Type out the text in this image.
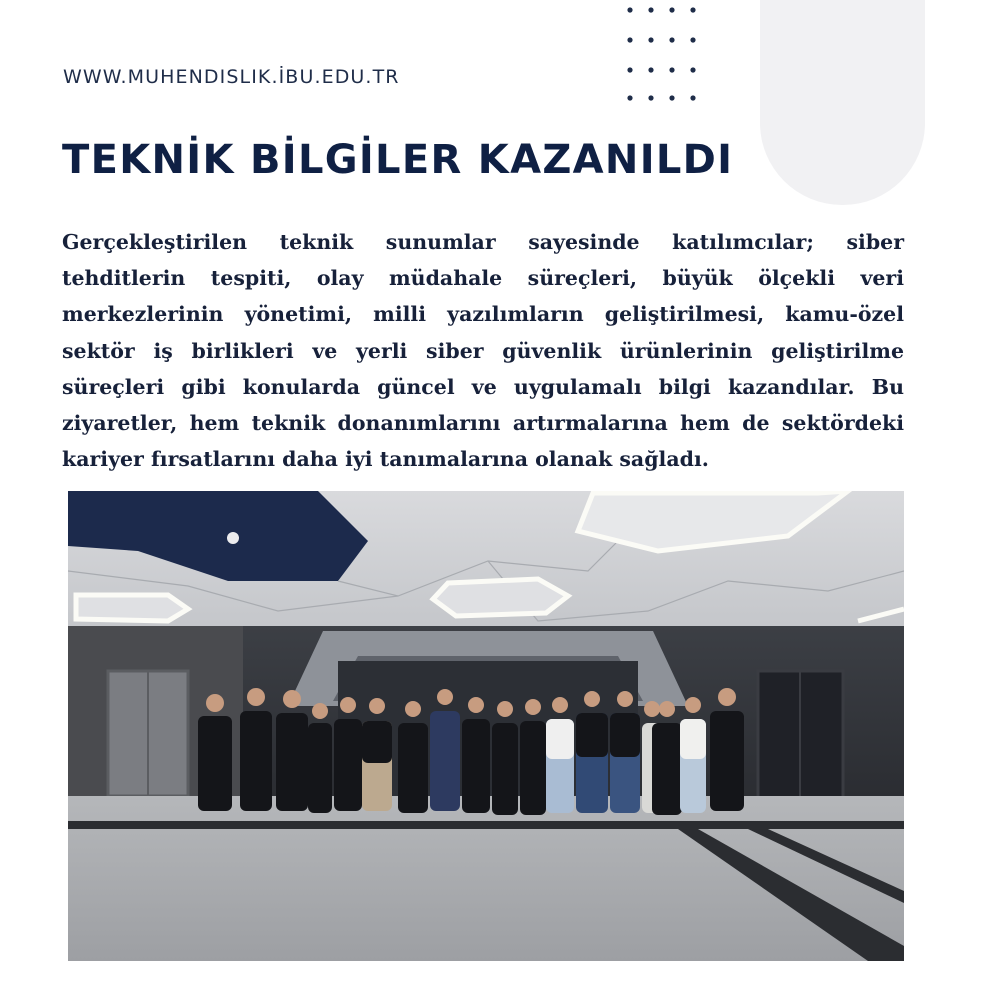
WWW.MUHENDISLIK.İBU.EDU.TR
TEKNİK BİLGİLER KAZANILDI

Gerçekleştirilen teknik sunumlar sayesinde katılımcılar; siber tehditlerin tespiti, olay müdahale süreçleri, büyük ölçekli veri merkezlerinin yönetimi, milli yazılımların geliştirilmesi, kamu-özel sektör iş birlikleri ve yerli siber güvenlik ürünlerinin geliştirilme süreçleri gibi konularda güncel ve uygulamalı bilgi kazandılar. Bu ziyaretler, hem teknik donanımlarını artırmalarına hem de sektördeki kariyer fırsatlarını daha iyi tanımalarına olanak sağladı.
